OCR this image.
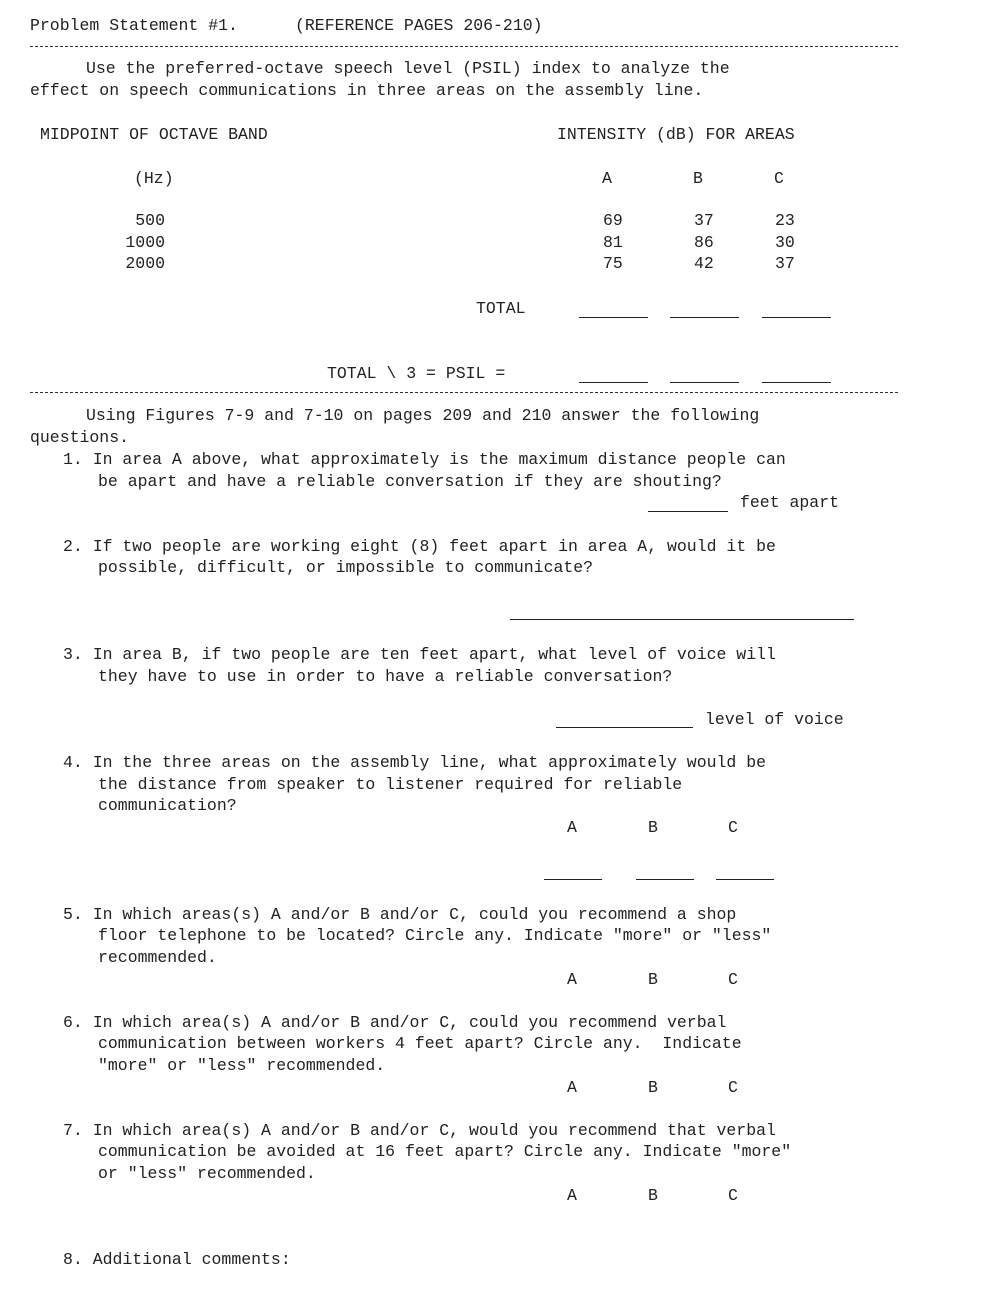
Problem Statement #1.	(REFERENCE PAGES 206-210)
Use the preferred-octave speech level (PSIL) index to analyze the
effect on speech communications in three areas on the assembly line.
MIDPOINT OF OCTAVE BAND	INTENSITY (dB) FOR AREAS
(Hz)	A	B	C
500	69	37	23
1000	81	86	30
2000	75	42	37
TOTAL
TOTAL \ 3 = PSIL =
Using Figures 7-9 and 7-10 on pages 209 and 210 answer the following
questions.
1. In area A above, what approximately is the maximum distance people can
be apart and have a reliable conversation if they are shouting?
feet apart
2. If two people are working eight (8) feet apart in area A, would it be
possible, difficult, or impossible to communicate?
3. In area B, if two people are ten feet apart, what level of voice will
they have to use in order to have a reliable conversation?
level of voice
4. In the three areas on the assembly line, what approximately would be
the distance from speaker to listener required for reliable
communication?
A	B	C
5. In which areas(s) A and/or B and/or C, could you recommend a shop
floor telephone to be located? Circle any. Indicate "more" or "less"
recommended.
A	B	C
6. In which area(s) A and/or B and/or C, could you recommend verbal
communication between workers 4 feet apart? Circle any.  Indicate
"more" or "less" recommended.
A	B	C
7. In which area(s) A and/or B and/or C, would you recommend that verbal
communication be avoided at 16 feet apart? Circle any. Indicate "more"
or "less" recommended.
A	B	C
8. Additional comments:
